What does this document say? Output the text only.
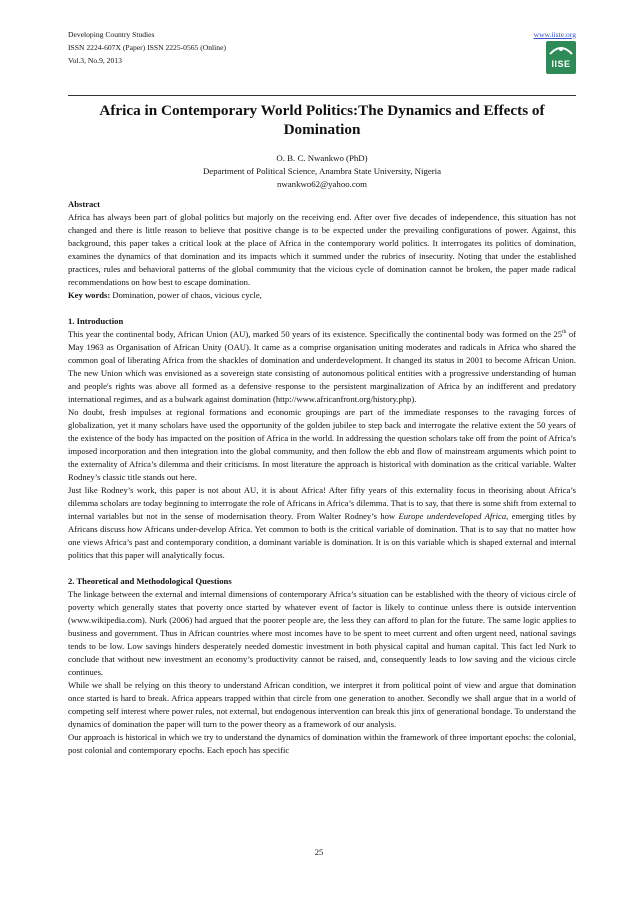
Developing Country Studies
ISSN 2224-607X (Paper) ISSN 2225-0565 (Online)
Vol.3, No.9, 2013
www.iiste.org
IISE
Africa in Contemporary World Politics:The Dynamics and Effects of Domination
O. B. C. Nwankwo (PhD)
Department of Political Science, Anambra State University, Nigeria
nwankwo62@yahoo.com

Abstract

Africa has always been part of global politics but majorly on the receiving end. After over five decades of independence, this situation has not changed and there is little reason to believe that positive change is to be expected under the prevailing configurations of power. Against, this background, this paper takes a critical look at the place of Africa in the contemporary world politics. It interrogates its politics of domination, examines the dynamics of that domination and its impacts which it summed under the rubrics of insecurity. Noting that under the established practices, rules and behavioral patterns of the global community that the vicious cycle of domination cannot be broken, the paper made radical recommendations on how best to escape domination.

Key words: Domination, power of chaos, vicious cycle,

1. Introduction

This year the continental body, African Union (AU), marked 50 years of its existence. Specifically the continental body was formed on the 25th of May 1963 as Organisation of African Unity (OAU). It came as a comprise organisation uniting moderates and radicals in Africa who shared the common goal of liberating Africa from the shackles of domination and underdevelopment. It changed its status in 2001 to become African Union. The new Union which was envisioned as a sovereign state consisting of autonomous political entities with a progressive understanding of human and people's rights was above all formed as a defensive response to the persistent marginalization of Africa by an indifferent and predatory international regimes, and as a bulwark against domination (http://www.africanfront.org/history.php).

No doubt, fresh impulses at regional formations and economic groupings are part of the immediate responses to the ravaging forces of globalization, yet it many scholars have used the opportunity of the golden jubilee to step back and interrogate the relative extent the 50 years of the existence of the body has impacted on the position of Africa in the world. In addressing the question scholars take off from the point of Africa’s imposed incorporation and then integration into the global community, and then follow the ebb and flow of mainstream arguments which point to the externality of Africa’s dilemma and their criticisms. In most literature the approach is historical with domination as the critical variable. Walter Rodney’s classic title stands out here.

Just like Rodney’s work, this paper is not about AU, it is about Africa! After fifty years of this externality focus in theorising about Africa’s dilemma scholars are today beginning to interrogate the role of Africans in Africa’s dilemma. That is to say, that there is some shift from external to internal variables but not in the sense of modernisation theory. From Walter Rodney’s how Europe underdeveloped Africa, emerging titles by Africans discuss how Africans under-develop Africa. Yet common to both is the critical variable of domination. That is to say that no matter how one views Africa’s past and contemporary condition, a dominant variable is domination. It is on this variable which is shaped external and internal politics that this paper will analytically focus.

2. Theoretical and Methodological Questions

The linkage between the external and internal dimensions of contemporary Africa’s situation can be established with the theory of vicious circle of poverty which generally states that poverty once started by whatever event of factor is likely to continue unless there is outside intervention (www.wikipedia.com). Nurk (2006) had argued that the poorer people are, the less they can afford to plan for the future. The same logic applies to business and government. Thus in African countries where most incomes have to be spent to meet current and often urgent need, national savings tends to be low. Low savings hinders desperately needed domestic investment in both physical capital and human capital. This fact led Nurk to conclude that without new investment an economy’s productivity cannot be raised, and, consequently leads to low saving and the vicious circle continues.

While we shall be relying on this theory to understand African condition, we interpret it from political point of view and argue that domination once started is hard to break. Africa appears trapped within that circle from one generation to another. Secondly we shall argue that in a world of competing self interest where power rules, not external, but endogenous intervention can break this jinx of generational bondage. To understand the dynamics of domination the paper will turn to the power theory as a framework of our analysis.

Our approach is historical in which we try to understand the dynamics of domination within the framework of three important epochs: the colonial, post colonial and contemporary epochs. Each epoch has specific

25
